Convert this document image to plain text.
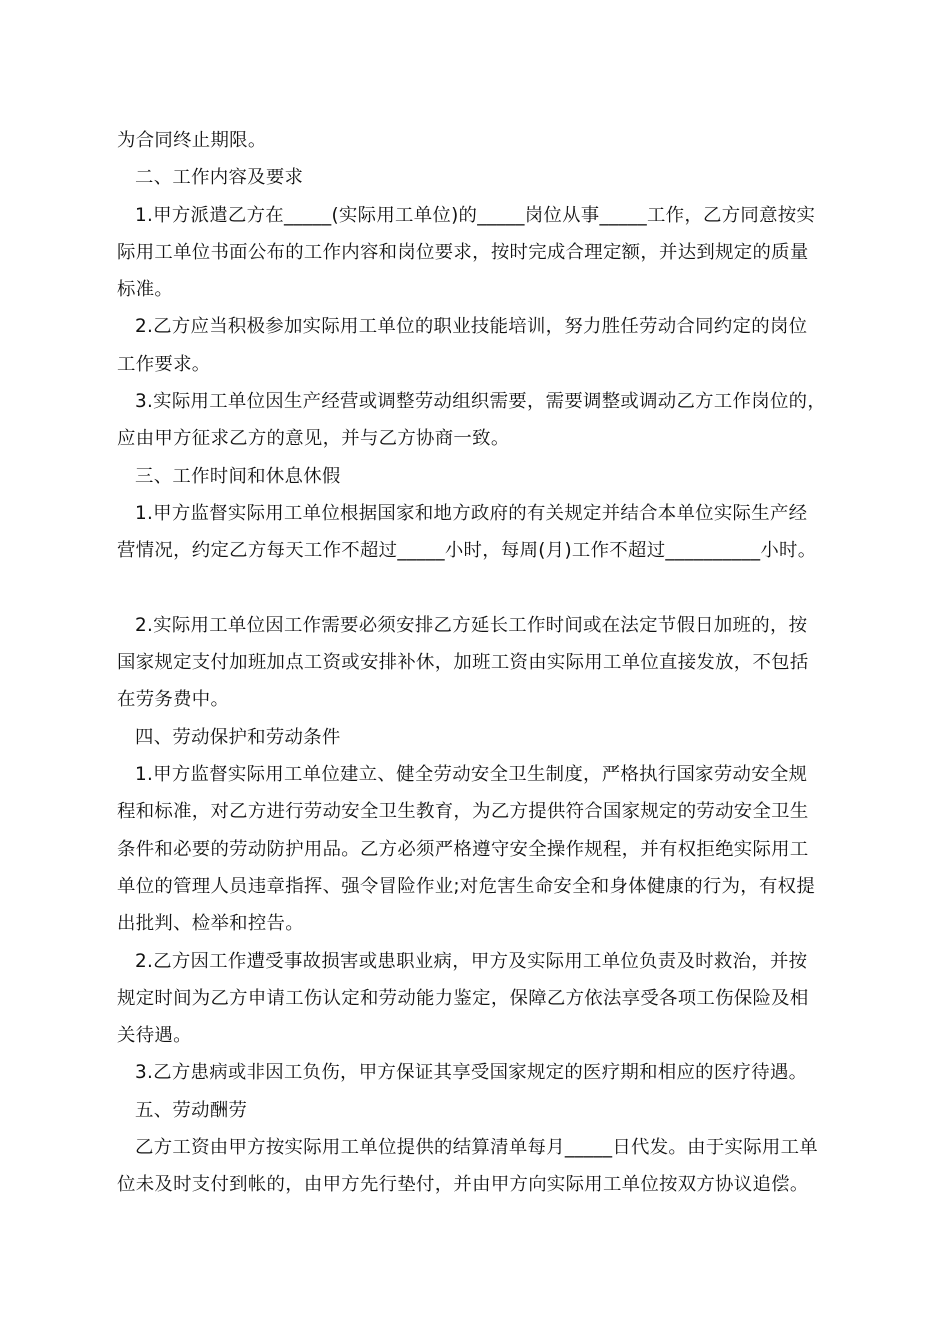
为合同终止期限。
二、工作内容及要求
1.甲方派遣乙方在_____(实际用工单位)的_____岗位从事_____工作，乙方同意按实
际用工单位书面公布的工作内容和岗位要求，按时完成合理定额，并达到规定的质量
标准。
2.乙方应当积极参加实际用工单位的职业技能培训，努力胜任劳动合同约定的岗位
工作要求。
3.实际用工单位因生产经营或调整劳动组织需要，需要调整或调动乙方工作岗位的，
应由甲方征求乙方的意见，并与乙方协商一致。
三、工作时间和休息休假
1.甲方监督实际用工单位根据国家和地方政府的有关规定并结合本单位实际生产经
营情况，约定乙方每天工作不超过_____小时，每周(月)工作不超过__________小时。
2.实际用工单位因工作需要必须安排乙方延长工作时间或在法定节假日加班的，按
国家规定支付加班加点工资或安排补休，加班工资由实际用工单位直接发放，不包括
在劳务费中。
四、劳动保护和劳动条件
1.甲方监督实际用工单位建立、健全劳动安全卫生制度，严格执行国家劳动安全规
程和标准，对乙方进行劳动安全卫生教育，为乙方提供符合国家规定的劳动安全卫生
条件和必要的劳动防护用品。乙方必须严格遵守安全操作规程，并有权拒绝实际用工
单位的管理人员违章指挥、强令冒险作业;对危害生命安全和身体健康的行为，有权提
出批判、检举和控告。
2.乙方因工作遭受事故损害或患职业病，甲方及实际用工单位负责及时救治，并按
规定时间为乙方申请工伤认定和劳动能力鉴定，保障乙方依法享受各项工伤保险及相
关待遇。
3.乙方患病或非因工负伤，甲方保证其享受国家规定的医疗期和相应的医疗待遇。
五、劳动酬劳
乙方工资由甲方按实际用工单位提供的结算清单每月_____日代发。由于实际用工单
位未及时支付到帐的，由甲方先行垫付，并由甲方向实际用工单位按双方协议追偿。
